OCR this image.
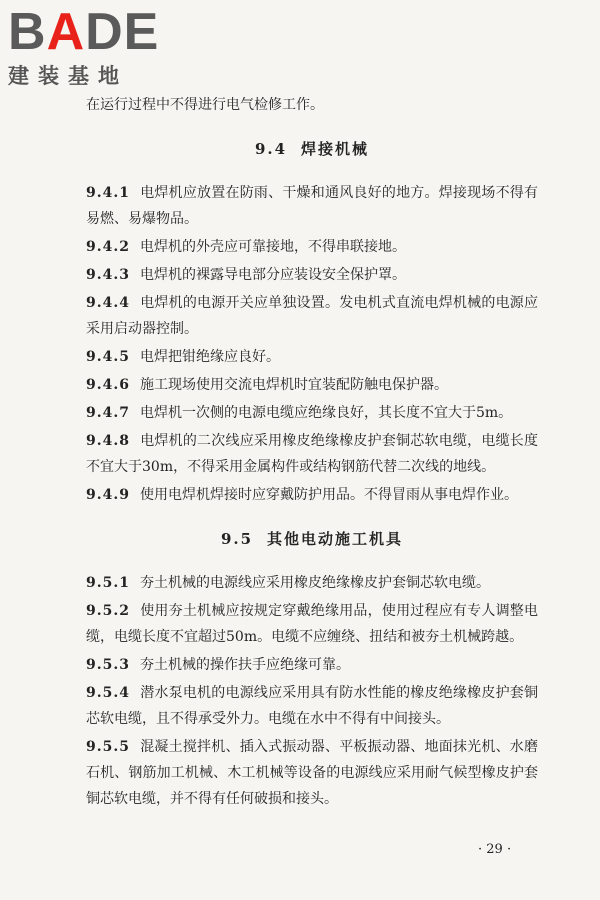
BADE
建装基地

在运行过程中不得进行电气检修工作。

9.4 焊接机械

9.4.1 电焊机应放置在防雨、干燥和通风良好的地方。焊接现场不得有易燃、易爆物品。

9.4.2 电焊机的外壳应可靠接地，不得串联接地。

9.4.3 电焊机的裸露导电部分应装设安全保护罩。

9.4.4 电焊机的电源开关应单独设置。发电机式直流电焊机械的电源应采用启动器控制。

9.4.5 电焊把钳绝缘应良好。

9.4.6 施工现场使用交流电焊机时宜装配防触电保护器。

9.4.7 电焊机一次侧的电源电缆应绝缘良好，其长度不宜大于5m。

9.4.8 电焊机的二次线应采用橡皮绝缘橡皮护套铜芯软电缆，电缆长度不宜大于30m，不得采用金属构件或结构钢筋代替二次线的地线。

9.4.9 使用电焊机焊接时应穿戴防护用品。不得冒雨从事电焊作业。

9.5 其他电动施工机具

9.5.1 夯土机械的电源线应采用橡皮绝缘橡皮护套铜芯软电缆。

9.5.2 使用夯土机械应按规定穿戴绝缘用品，使用过程应有专人调整电缆，电缆长度不宜超过50m。电缆不应缠绕、扭结和被夯土机械跨越。

9.5.3 夯土机械的操作扶手应绝缘可靠。

9.5.4 潜水泵电机的电源线应采用具有防水性能的橡皮绝缘橡皮护套铜芯软电缆，且不得承受外力。电缆在水中不得有中间接头。

9.5.5 混凝土搅拌机、插入式振动器、平板振动器、地面抹光机、水磨石机、钢筋加工机械、木工机械等设备的电源线应采用耐气候型橡皮护套铜芯软电缆，并不得有任何破损和接头。

· 29 ·
